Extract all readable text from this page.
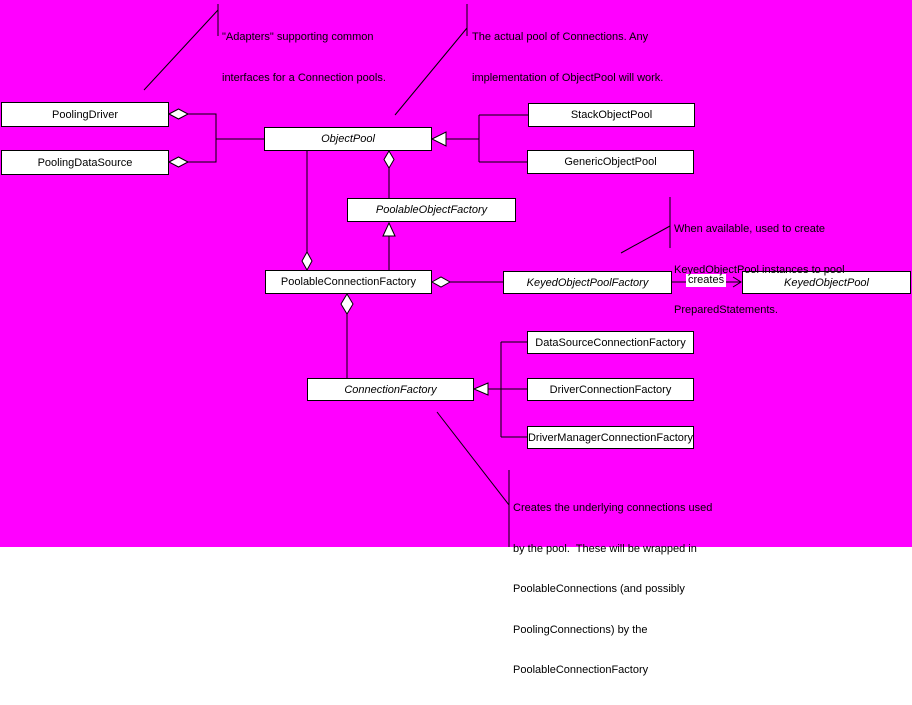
PoolingDriver
PoolingDataSource
ObjectPool
StackObjectPool
GenericObjectPool
PoolableObjectFactory
PoolableConnectionFactory	KeyedObjectPoolFactory	KeyedObjectPool
ConnectionFactory
DataSourceConnectionFactory
DriverConnectionFactory
DriverManagerConnectionFactory
creates

"Adapters" supporting common

interfaces for a Connection pools.

The actual pool of Connections. Any

implementation of ObjectPool will work.

When available, used to create

KeyedObjectPool instances to pool

PreparedStatements.

Creates the underlying connections used

by the pool.  These will be wrapped in

PoolableConnections (and possibly

PoolingConnections) by the

PoolableConnectionFactory
